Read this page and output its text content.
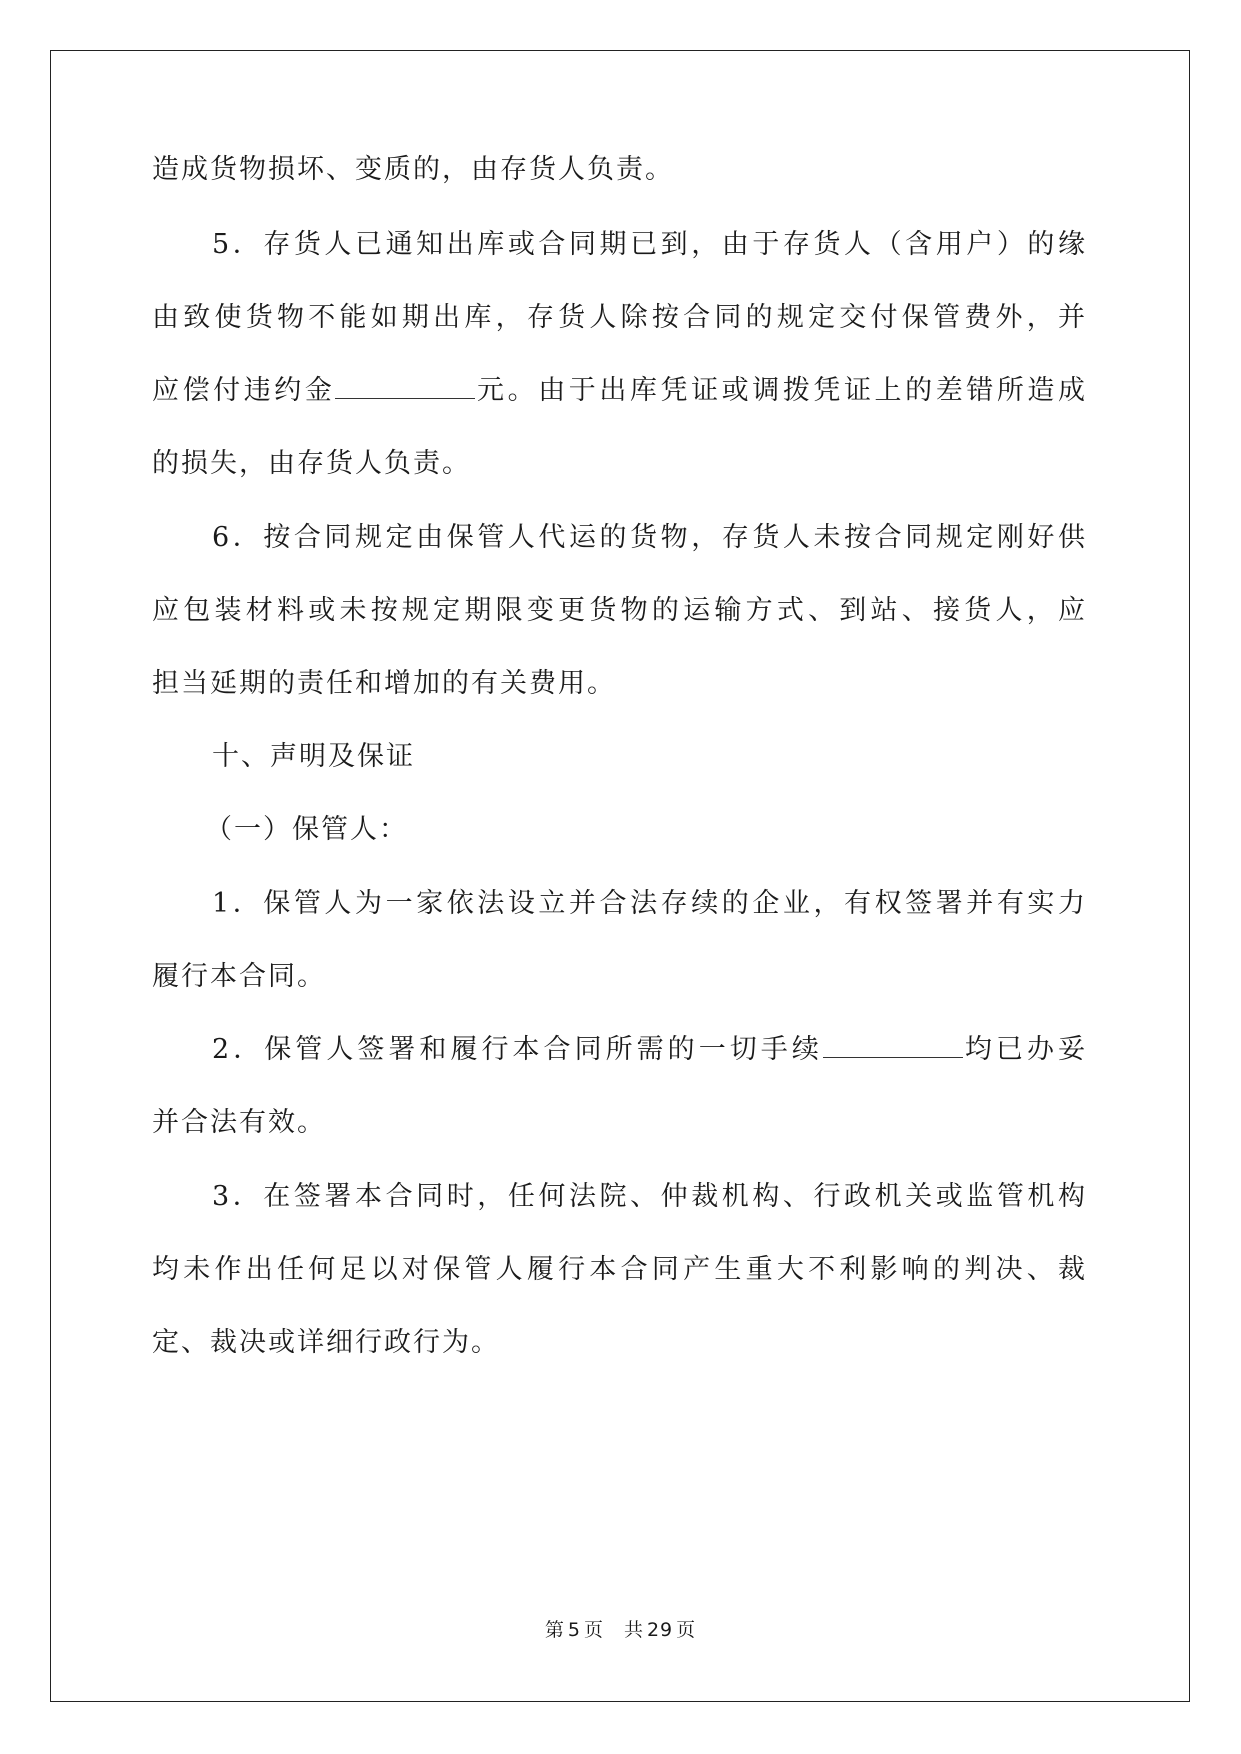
造成货物损坏、变质的，由存货人负责。
5．存货人已通知出库或合同期已到，由于存货人（含用户）的缘
由致使货物不能如期出库，存货人除按合同的规定交付保管费外，并
应偿付违约金	元。由于出库凭证或调拨凭证上的差错所造成
的损失，由存货人负责。
6．按合同规定由保管人代运的货物，存货人未按合同规定刚好供
应包装材料或未按规定期限变更货物的运输方式、到站、接货人，应
担当延期的责任和增加的有关费用。
十、声明及保证
（一）保管人：
1．保管人为一家依法设立并合法存续的企业，有权签署并有实力
履行本合同。
2．保管人签署和履行本合同所需的一切手续	均已办妥
并合法有效。
3．在签署本合同时，任何法院、仲裁机构、行政机关或监管机构
均未作出任何足以对保管人履行本合同产生重大不利影响的判决、裁
定、裁决或详细行政行为。
第 5 页 共 29 页
